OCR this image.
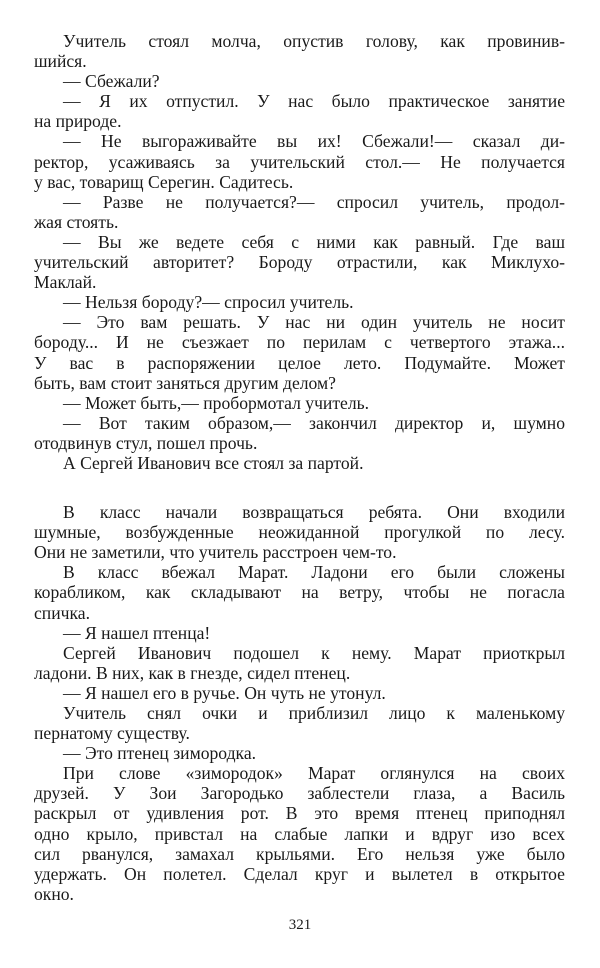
Учитель стоял молча, опустив голову, как провинив-
шийся.
— Сбежали?
— Я их отпустил. У нас было практическое занятие
на природе.
— Не выгораживайте вы их! Сбежали!— сказал ди-
ректор, усаживаясь за учительский стол.— Не получается
у вас, товарищ Серегин. Садитесь.
— Разве не получается?— спросил учитель, продол-
жая стоять.
— Вы же ведете себя с ними как равный. Где ваш
учительский авторитет? Бороду отрастили, как Миклухо-
Маклай.
— Нельзя бороду?— спросил учитель.
— Это вам решать. У нас ни один учитель не носит
бороду... И не съезжает по перилам с четвертого этажа...
У вас в распоряжении целое лето. Подумайте. Может
быть, вам стоит заняться другим делом?
— Может быть,— пробормотал учитель.
— Вот таким образом,— закончил директор и, шумно
отодвинув стул, пошел прочь.
А Сергей Иванович все стоял за партой.
В класс начали возвращаться ребята. Они входили
шумные, возбужденные неожиданной прогулкой по лесу.
Они не заметили, что учитель расстроен чем-то.
В класс вбежал Марат. Ладони его были сложены
корабликом, как складывают на ветру, чтобы не погасла
спичка.
— Я нашел птенца!
Сергей Иванович подошел к нему. Марат приоткрыл
ладони. В них, как в гнезде, сидел птенец.
— Я нашел его в ручье. Он чуть не утонул.
Учитель снял очки и приблизил лицо к маленькому
пернатому существу.
— Это птенец зимородка.
При слове «зимородок» Марат оглянулся на своих
друзей. У Зои Загородько заблестели глаза, а Василь
раскрыл от удивления рот. В это время птенец приподнял
одно крыло, привстал на слабые лапки и вдруг изо всех
сил рванулся, замахал крыльями. Его нельзя уже было
удержать. Он полетел. Сделал круг и вылетел в открытое
окно.
321
